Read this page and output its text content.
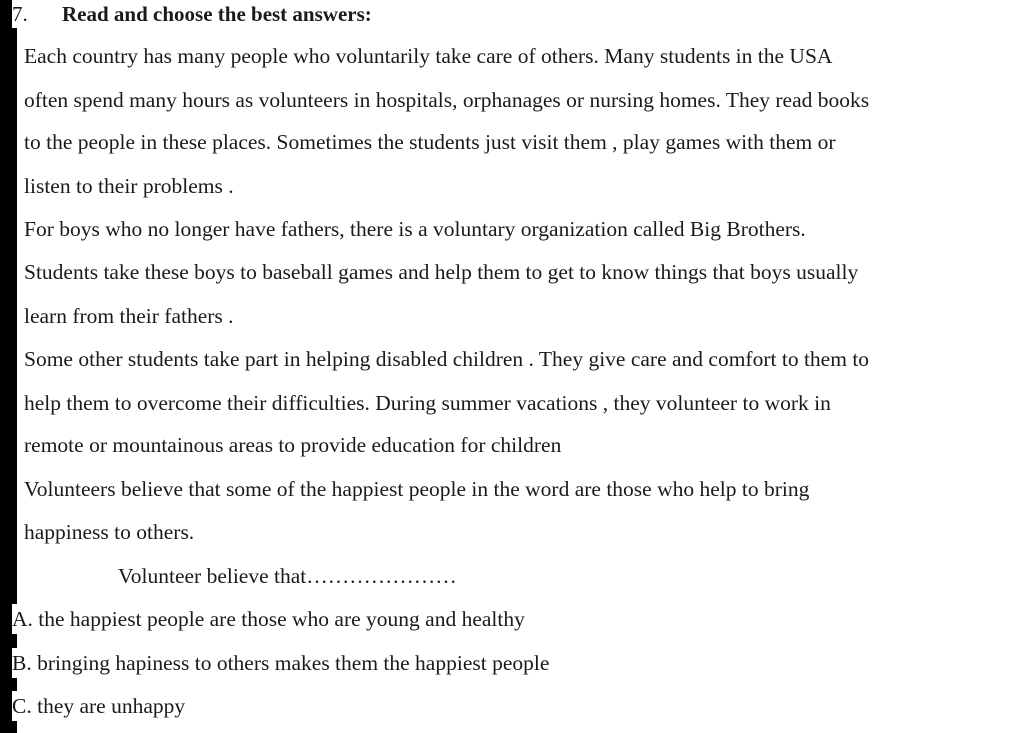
7. Read and choose the best answers:
Each country has many people who voluntarily take care of others. Many students in the USA
often spend many hours as volunteers in hospitals, orphanages or nursing homes. They read books
to the people in these places. Sometimes the students just visit them , play games with them or
listen to their problems .
For boys who no longer have fathers, there is a voluntary organization called Big Brothers.
Students take these boys to baseball games and help them to get to know things that boys usually
learn from their fathers .
Some other students take part in helping disabled children . They give care and comfort to them to
help them to overcome their difficulties. During summer vacations , they volunteer to work in
remote or mountainous areas to provide education for children
Volunteers believe that some of the happiest people in the word are those who help to bring
happiness to others.
Volunteer believe that…………………
A. the happiest people are those who are young and healthy
B. bringing hapiness to others makes them the happiest people
C. they are unhappy
